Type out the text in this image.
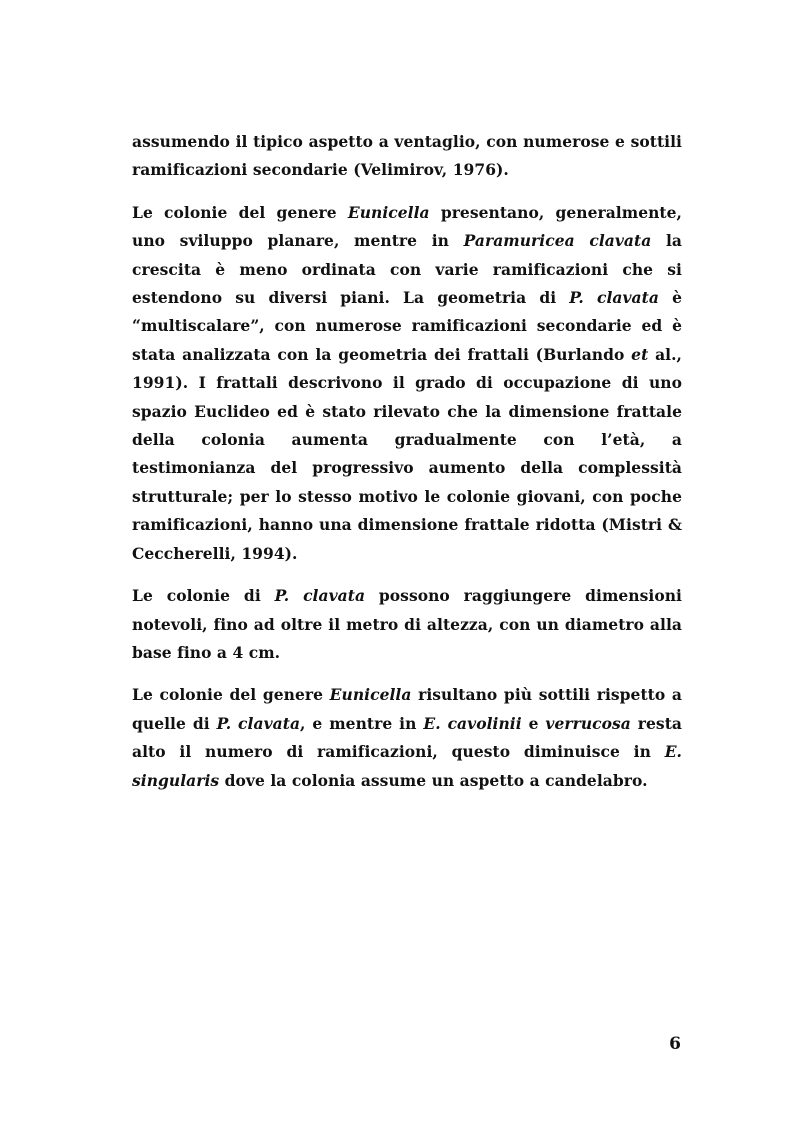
assumendo il tipico aspetto a ventaglio, con numerose e sottili ramificazioni secondarie (Velimirov, 1976).

Le colonie del genere Eunicella presentano, generalmente, uno sviluppo planare, mentre in Paramuricea clavata la crescita è meno ordinata con varie ramificazioni che si estendono su diversi piani. La geometria di P. clavata è “multiscalare”, con numerose ramificazioni secondarie ed è stata analizzata con la geometria dei frattali (Burlando et al., 1991). I frattali descrivono il grado di occupazione di uno spazio Euclideo ed è stato rilevato che la dimensione frattale della colonia aumenta gradualmente con l’età, a testimonianza del progressivo aumento della complessità strutturale; per lo stesso motivo le colonie giovani, con poche ramificazioni, hanno una dimensione frattale ridotta (Mistri & Ceccherelli, 1994).

Le colonie di P. clavata possono raggiungere dimensioni notevoli, fino ad oltre il metro di altezza, con un diametro alla base fino a 4 cm.

Le colonie del genere Eunicella risultano più sottili rispetto a quelle di P. clavata, e mentre in E. cavolinii e verrucosa resta alto il numero di ramificazioni, questo diminuisce in E. singularis dove la colonia assume un aspetto a candelabro.

6
